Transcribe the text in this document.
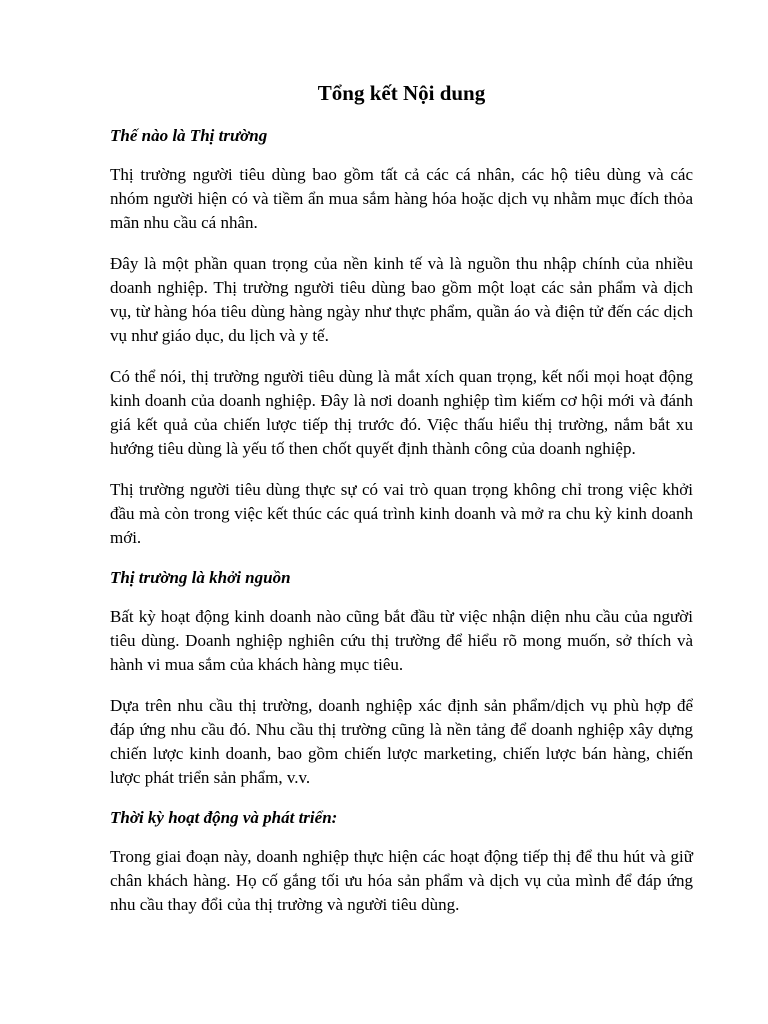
Tổng kết Nội dung
Thế nào là Thị trường

Thị trường người tiêu dùng bao gồm tất cả các cá nhân, các hộ tiêu dùng và các nhóm người hiện có và tiềm ẩn mua sắm hàng hóa hoặc dịch vụ nhằm mục đích thỏa mãn nhu cầu cá nhân.

Đây là một phần quan trọng của nền kinh tế và là nguồn thu nhập chính của nhiều doanh nghiệp. Thị trường người tiêu dùng bao gồm một loạt các sản phẩm và dịch vụ, từ hàng hóa tiêu dùng hàng ngày như thực phẩm, quần áo và điện tử đến các dịch vụ như giáo dục, du lịch và y tế.

Có thể nói, thị trường người tiêu dùng là mắt xích quan trọng, kết nối mọi hoạt động kinh doanh của doanh nghiệp. Đây là nơi doanh nghiệp tìm kiếm cơ hội mới và đánh giá kết quả của chiến lược tiếp thị trước đó. Việc thấu hiểu thị trường, nắm bắt xu hướng tiêu dùng là yếu tố then chốt quyết định thành công của doanh nghiệp.

Thị trường người tiêu dùng thực sự có vai trò quan trọng không chỉ trong việc khởi đầu mà còn trong việc kết thúc các quá trình kinh doanh và mở ra chu kỳ kinh doanh mới.

Thị trường là khởi nguồn

Bất kỳ hoạt động kinh doanh nào cũng bắt đầu từ việc nhận diện nhu cầu của người tiêu dùng. Doanh nghiệp nghiên cứu thị trường để hiểu rõ mong muốn, sở thích và hành vi mua sắm của khách hàng mục tiêu.

Dựa trên nhu cầu thị trường, doanh nghiệp xác định sản phẩm/dịch vụ phù hợp để đáp ứng nhu cầu đó. Nhu cầu thị trường cũng là nền tảng để doanh nghiệp xây dựng chiến lược kinh doanh, bao gồm chiến lược marketing, chiến lược bán hàng, chiến lược phát triển sản phẩm, v.v.

Thời kỳ hoạt động và phát triển:

Trong giai đoạn này, doanh nghiệp thực hiện các hoạt động tiếp thị để thu hút và giữ chân khách hàng. Họ cố gắng tối ưu hóa sản phẩm và dịch vụ của mình để đáp ứng nhu cầu thay đổi của thị trường và người tiêu dùng.
